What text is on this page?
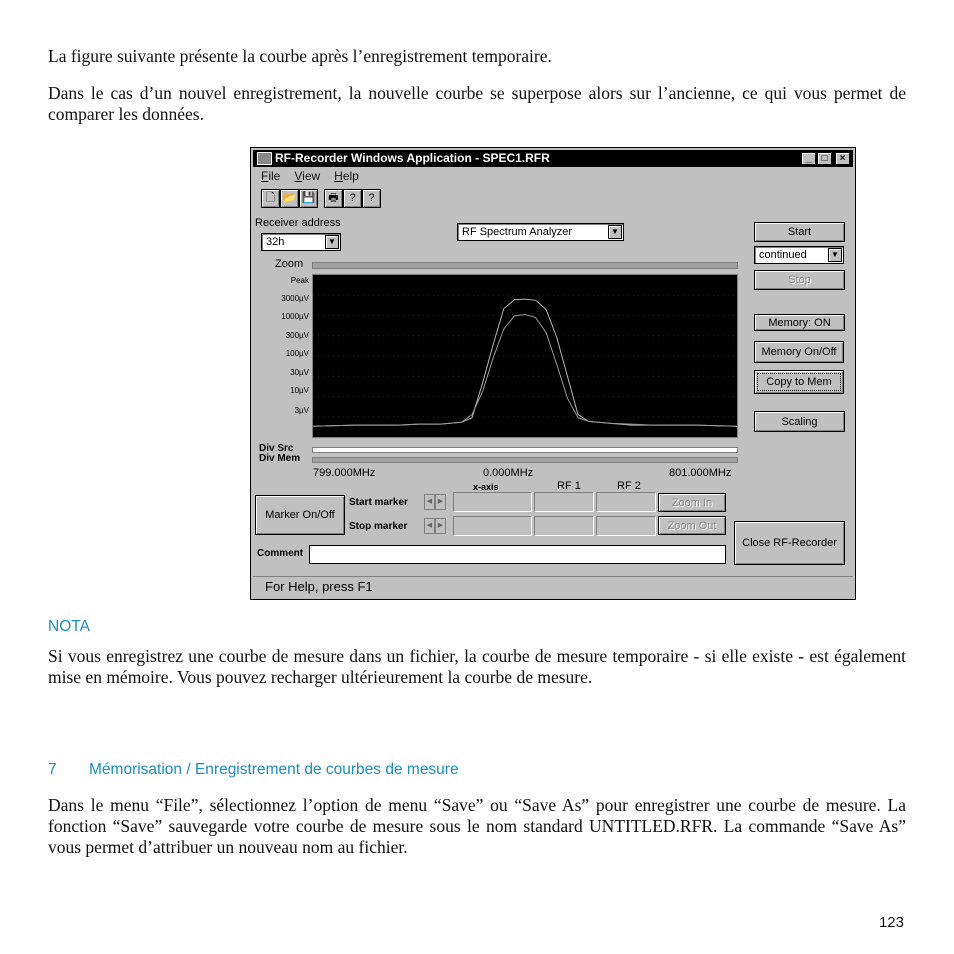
La figure suivante présente la courbe après l’enregistrement temporaire.

Dans le cas d’un nouvel enregistrement, la nouvelle courbe se superpose alors sur l’ancienne, ce qui vous permet de comparer les données.

RF-Recorder Windows Application - SPEC1.RFR	_	□	×
File View Help
🗋 📂 💾	🖶 ?	?
Receiver address
32h	▼
RF Spectrum Analyzer	▼	Start
continued	▼
Stop
Memory: ON
Memory On/Off
Copy to Mem
Scaling
Zoom
Peak
3000µV
1000µV
300µV
100µV
30µV
10µV
3µV
Div Src
Div Mem
799.000MHz	0.000MHz	801.000MHz
x-axis	RF 1	RF 2
Marker On/Off
Start marker	◀ ▶	Zoom In
Stop marker	◀ ▶	Zoom Out
Close RF-Recorder
Comment
For Help, press F1
NOTA

Si vous enregistrez une courbe de mesure dans un fichier, la courbe de mesure temporaire - si elle existe - est également mise en mémoire. Vous pouvez recharger ultérieurement la courbe de mesure.

7 Mémorisation / Enregistrement de courbes de mesure

Dans le menu “File”, sélectionnez l’option de menu “Save” ou “Save As” pour enregistrer une courbe de mesure. La fonction “Save” sauvegarde votre courbe de mesure sous le nom standard UNTITLED.RFR. La commande “Save As” vous permet d’attribuer un nouveau nom au fichier.

123
